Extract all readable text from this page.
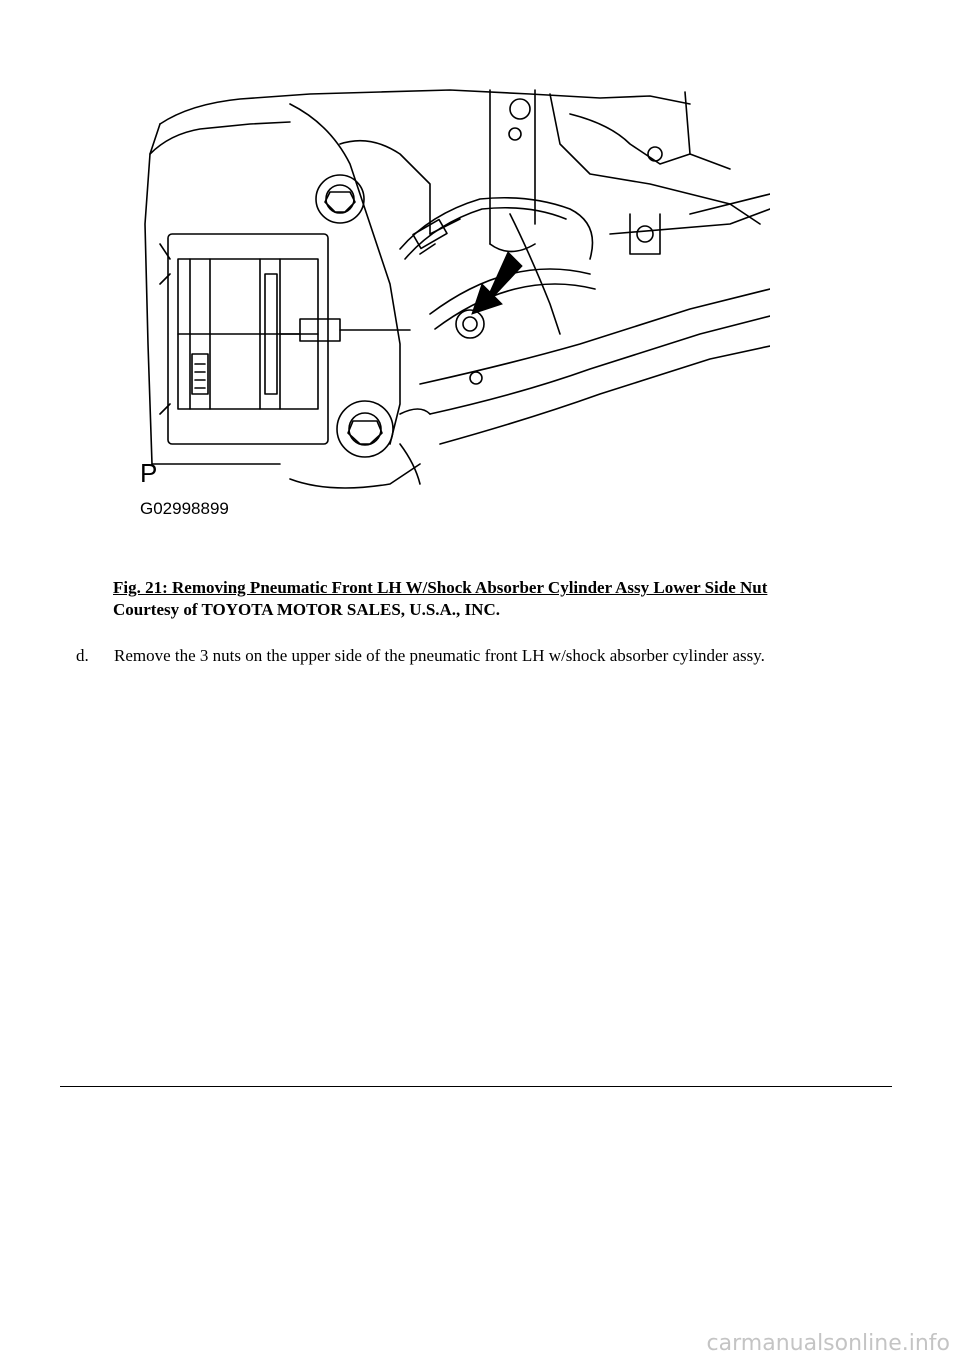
P
G02998899
Fig. 21: Removing Pneumatic Front LH W/Shock Absorber Cylinder Assy Lower Side Nut
Courtesy of TOYOTA MOTOR SALES, U.S.A., INC.
d. Remove the 3 nuts on the upper side of the pneumatic front LH w/shock absorber cylinder assy.
carmanualsonline.info
